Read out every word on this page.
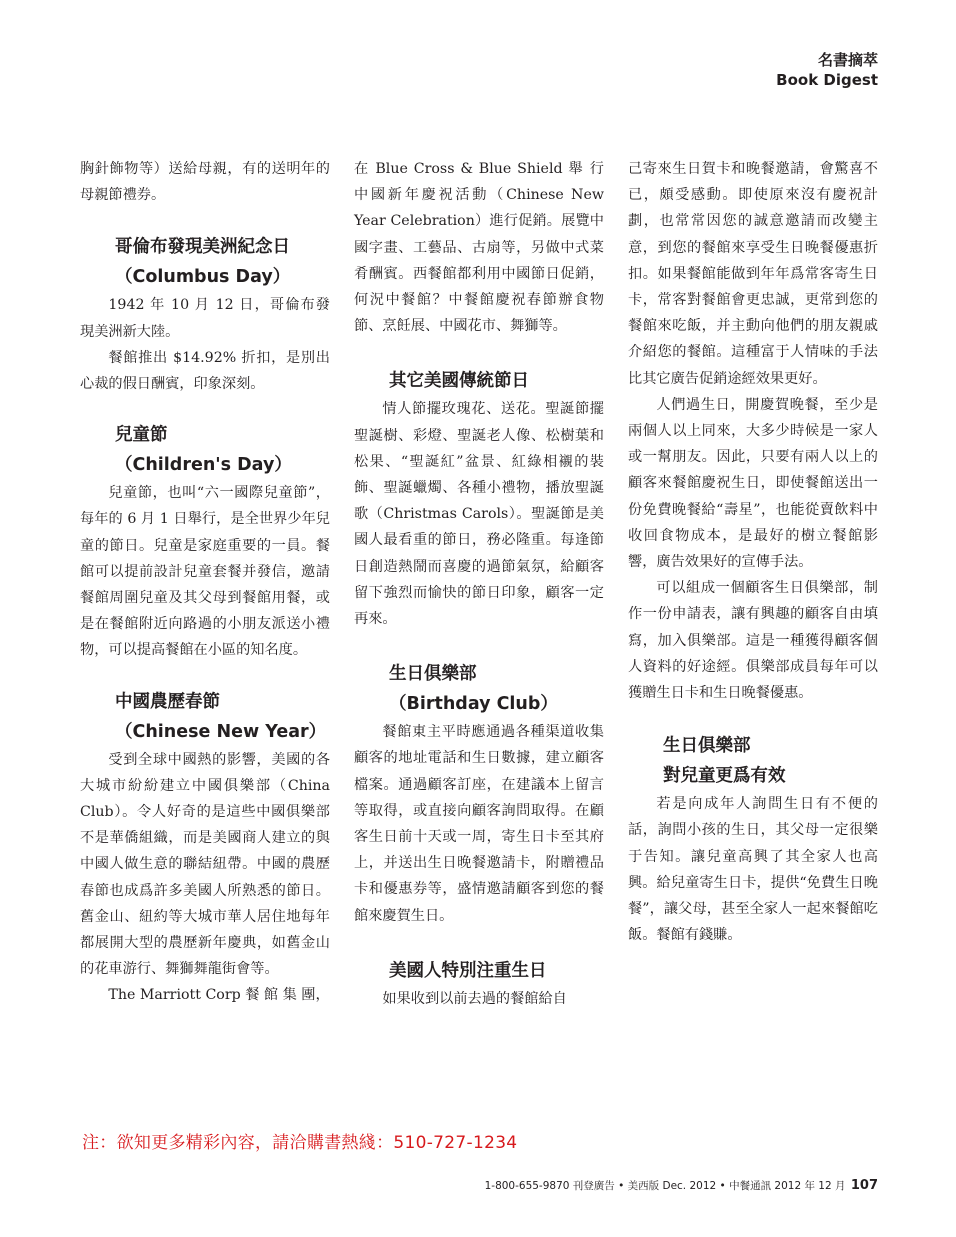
名書摘萃
Book Digest

胸針飾物等）送給母親，有的送明年的母親節禮券。

哥倫布發現美洲紀念日
（Columbus Day）

1942 年 10 月 12 日，哥倫布發現美洲新大陸。

餐館推出 $14.92% 折扣，是別出心裁的假日酬賓，印象深刻。

兒童節
（Children's Day）

兒童節，也叫“六一國際兒童節”，每年的 6 月 1 日舉行，是全世界少年兒童的節日。兒童是家庭重要的一員。餐館可以提前設計兒童套餐并發信，邀請餐館周圍兒童及其父母到餐館用餐，或是在餐館附近向路過的小朋友派送小禮物，可以提高餐館在小區的知名度。

中國農歷春節
（Chinese New Year）

受到全球中國熱的影響，美國的各大城市紛紛建立中國俱樂部（China Club）。令人好奇的是這些中國俱樂部不是華僑組織，而是美國商人建立的與中國人做生意的聯結紐帶。中國的農歷春節也成爲許多美國人所熟悉的節日。舊金山、紐約等大城市華人居住地每年都展開大型的農歷新年慶典，如舊金山的花車游行、舞獅舞龍街會等。

The Marriott Corp 餐 館 集 團，

在 Blue Cross & Blue Shield 舉 行 中國新年慶祝活動（Chinese New Year Celebration）進行促銷。展覽中國字畫、工藝品、古扇等，另做中式菜肴酬賓。西餐館都利用中國節日促銷，何況中餐館？中餐館慶祝春節辦食物節、烹飪展、中國花市、舞獅等。

其它美國傳統節日

情人節擺玫瑰花、送花。聖誕節擺聖誕樹、彩燈、聖誕老人像、松樹葉和松果、“聖誕紅”盆景、紅綠相襯的裝飾、聖誕蠟燭、各種小禮物，播放聖誕歌（Christmas Carols）。聖誕節是美國人最看重的節日，務必隆重。每逢節日創造熱鬧而喜慶的過節氣氛，給顧客留下強烈而愉快的節日印象，顧客一定再來。

生日俱樂部
（Birthday Club）

餐館東主平時應通過各種渠道收集顧客的地址電話和生日數據，建立顧客檔案。通過顧客訂座，在建議本上留言等取得，或直接向顧客詢問取得。在顧客生日前十天或一周，寄生日卡至其府上，并送出生日晚餐邀請卡，附贈禮品卡和優惠券等，盛情邀請顧客到您的餐館來慶賀生日。

美國人特別注重生日

如果收到以前去過的餐館給自

己寄來生日賀卡和晚餐邀請，會驚喜不已，頗受感動。即使原來沒有慶祝計劃，也常常因您的誠意邀請而改變主意，到您的餐館來享受生日晚餐優惠折扣。如果餐館能做到年年爲常客寄生日卡，常客對餐館會更忠誠，更常到您的餐館來吃飯，并主動向他們的朋友親戚介紹您的餐館。這種富于人情味的手法比其它廣告促銷途經效果更好。

人們過生日，開慶賀晚餐，至少是兩個人以上同來，大多少時候是一家人或一幫朋友。因此，只要有兩人以上的顧客來餐館慶祝生日，即使餐館送出一份免費晚餐給“壽星”，也能從賣飲料中收回食物成本，是最好的樹立餐館影響，廣告效果好的宣傳手法。

可以組成一個顧客生日俱樂部，制作一份申請表，讓有興趣的顧客自由填寫，加入俱樂部。這是一種獲得顧客個人資料的好途經。俱樂部成員每年可以獲贈生日卡和生日晚餐優惠。

生日俱樂部
對兒童更爲有效

若是向成年人詢問生日有不便的話，詢問小孩的生日，其父母一定很樂于告知。讓兒童高興了其全家人也高興。給兒童寄生日卡，提供“免費生日晚餐”，讓父母，甚至全家人一起來餐館吃飯。餐館有錢賺。

注：欲知更多精彩內容，請洽購書熱綫：510-727-1234
1-800-655-9870 刊登廣告 • 美西版 Dec. 2012 • 中餐通訊 2012 年 12 月 107
